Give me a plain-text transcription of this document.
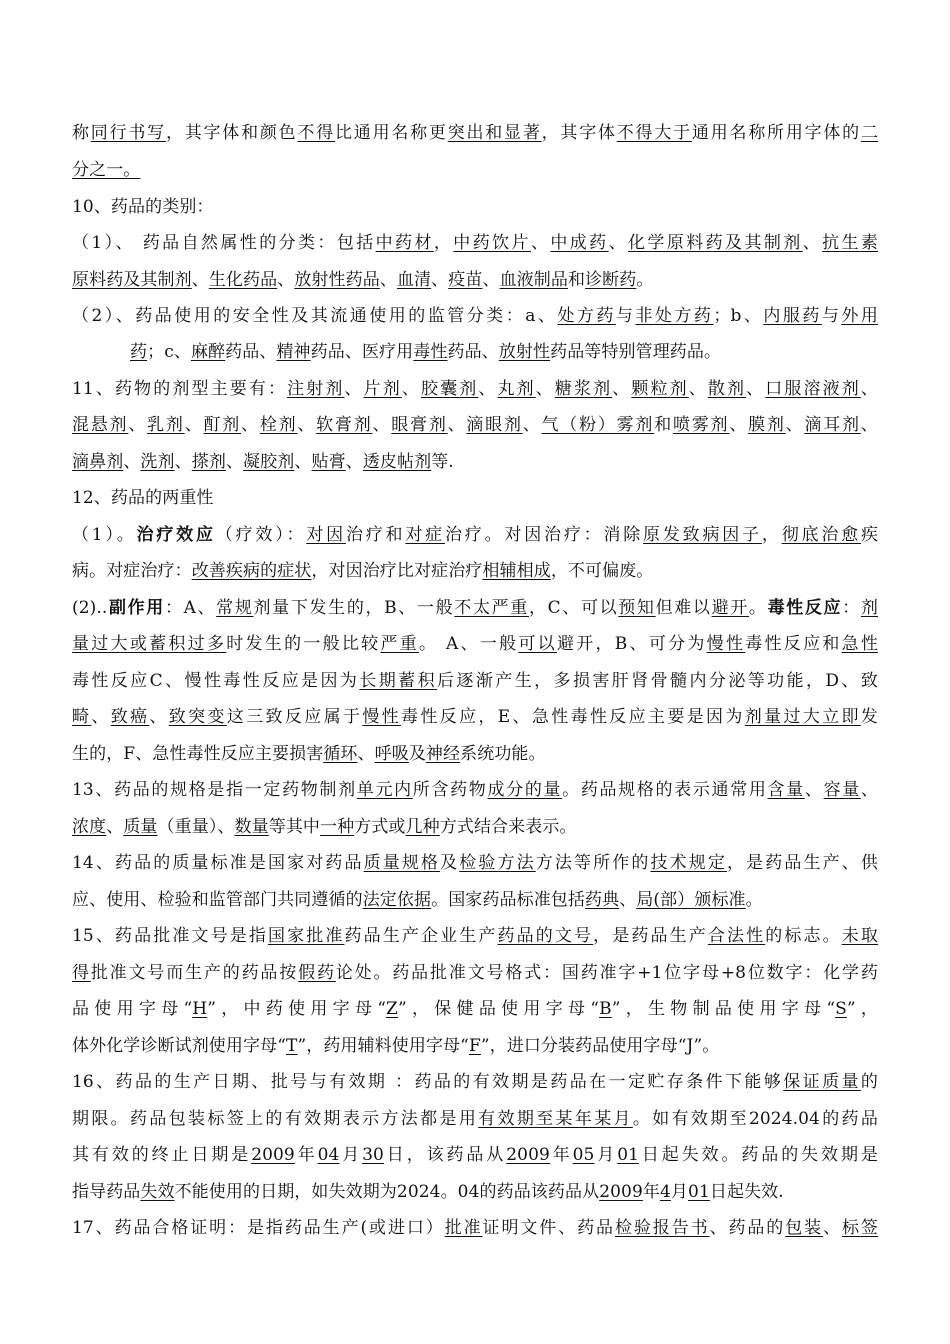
称同行书写，其字体和颜色不得比通用名称更突出和显著，其字体不得大于通用名称所用字体的二
分之一。
10、药品的类别：
（1）、 药品自然属性的分类：包括中药材，中药饮片、中成药、化学原料药及其制剂、抗生素
原料药及其制剂、生化药品、放射性药品、血清、疫苗、血液制品和诊断药。
（2）、药品使用的安全性及其流通使用的监管分类：a、处方药与非处方药；b、内服药与外用
药；c、麻醉药品、精神药品、医疗用毒性药品、放射性药品等特别管理药品。
11、药物的剂型主要有：注射剂、片剂、胶囊剂、丸剂、糖浆剂、颗粒剂、散剂、口服溶液剂、
混悬剂、乳剂、酊剂、栓剂、软膏剂、眼膏剂、滴眼剂、气（粉）雾剂和喷雾剂、膜剂、滴耳剂、
滴鼻剂、洗剂、搽剂、凝胶剂、贴膏、透皮帖剂等.
12、药品的两重性
（1）。治疗效应（疗效）：对因治疗和对症治疗。对因治疗：消除原发致病因子，彻底治愈疾
病。对症治疗：改善疾病的症状，对因治疗比对症治疗相辅相成，不可偏废。
(2)..副作用：A、常规剂量下发生的，B、一般不太严重，C、可以预知但难以避开。毒性反应：剂
量过大或蓄积过多时发生的一般比较严重。 A、一般可以避开，B、可分为慢性毒性反应和急性
毒性反应C、慢性毒性反应是因为长期蓄积后逐渐产生，多损害肝肾骨髓内分泌等功能，D、致
畸、致癌、致突变这三致反应属于慢性毒性反应，E、急性毒性反应主要是因为剂量过大立即发
生的，F、急性毒性反应主要损害循环、呼吸及神经系统功能。
13、药品的规格是指一定药物制剂单元内所含药物成分的量。药品规格的表示通常用含量、容量、
浓度、质量（重量）、数量等其中一种方式或几种方式结合来表示。
14、药品的质量标准是国家对药品质量规格及检验方法方法等所作的技术规定，是药品生产、供
应、使用、检验和监管部门共同遵循的法定依据。国家药品标准包括药典、局(部）颁标准。
15、药品批准文号是指国家批准药品生产企业生产药品的文号，是药品生产合法性的标志。未取
得批准文号而生产的药品按假药论处。药品批准文号格式：国药准字+1位字母+8位数字：化学药
品使用字母“H”，中药使用字母“Z”，保健品使用字母“B”，生物制品使用字母“S”，
体外化学诊断试剂使用字母“T”，药用辅料使用字母“F”，进口分装药品使用字母“J”。
16、药品的生产日期、批号与有效期 ：药品的有效期是药品在一定贮存条件下能够保证质量的
期限。药品包装标签上的有效期表示方法都是用有效期至某年某月。如有效期至2024.04的药品
其有效的终止日期是2009年04月30日，该药品从2009年05月01日起失效。药品的失效期是
指导药品失效不能使用的日期，如失效期为2024。04的药品该药品从2009年4月01日起失效.
17、药品合格证明：是指药品生产(或进口）批准证明文件、药品检验报告书、药品的包装、标签
